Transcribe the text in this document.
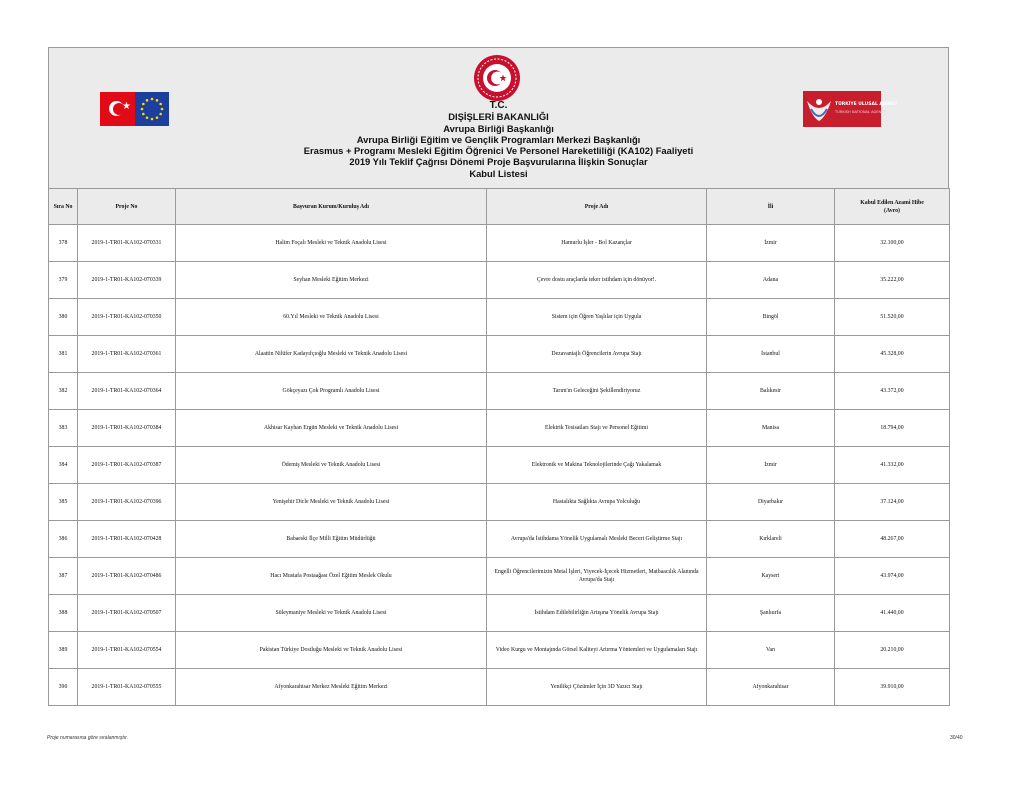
★	TÜRKİYE ULUSAL AJANSI
TURKISH NATIONAL AGENCY
T.C.
DIŞİŞLERİ BAKANLIĞI
Avrupa Birliği Başkanlığı
Avrupa Birliği Eğitim ve Gençlik Programları Merkezi Başkanlığı
Erasmus + Programı Mesleki Eğitim Öğrenici Ve Personel Hareketliliği (KA102) Faaliyeti
2019 Yılı Teklif Çağrısı Dönemi Proje Başvurularına İlişkin Sonuçlar
Kabul Listesi
Sıra No	Proje No	Başvuran Kurum/Kuruluş Adı	Proje Adı	İli	Kabul Edilen Azami Hibe
(Avro)
378	2019-1-TR01-KA102-070331	Halim Foçalı Mesleki ve Teknik Anadolu Lisesi	Hamurlu İşler - Bol Kazançlar	İzmir	32.100,00
379	2019-1-TR01-KA102-070339	Seyhan Mesleki Eğitim Merkezi	Çevre dostu araçlarda teker istihdam için dönüyor!.	Adana	35.222,00
380	2019-1-TR01-KA102-070350	60.Yıl Mesleki ve Teknik Anadolu Lisesi	Sistem için Öğren Yaşlılar için Uygula	Bingöl	51.520,00
381	2019-1-TR01-KA102-070361	Alaattin Nilüfer Kadayıfçıoğlu Mesleki ve Teknik Anadolu Lisesi	Dezavantajlı Öğrencilerin Avrupa Stajı	İstanbul	45.328,00
382	2019-1-TR01-KA102-070364	Gökçeyazı Çok Programlı Anadolu Lisesi	Tarım'ın Geleceğini Şekillendiriyoruz	Balıkesir	43.372,00
383	2019-1-TR01-KA102-070384	Akhisar Kayhan Ergün Mesleki ve Teknik Anadolu Lisesi	Elektrik Tesisatları Stajı ve Personel Eğitimi	Manisa	18.794,00
384	2019-1-TR01-KA102-070387	Ödemiş Mesleki ve Teknik Anadolu Lisesi	Elektronik ve Makina Teknolojilerinde Çağı Yakalamak	İzmir	41.332,00
385	2019-1-TR01-KA102-070396	Yenişehir Dicle Mesleki ve Teknik Anadolu Lisesi	Hastalıkta Sağlıkta Avrupa Yolculuğu	Diyarbakır	37.124,00
386	2019-1-TR01-KA102-070428	Babaeski İlçe Milli Eğitim Müdürlüğü	Avrupa'da İstihdama Yönelik Uygulamalı Mesleki Beceri Geliştirme Stajı	Kırklareli	48.267,00
387	2019-1-TR01-KA102-070486	Hacı Mustafa Postaağası Özel Eğitim Meslek Okulu	Engelli Öğrencilerimizin Metal İşleri, Yiyecek-İçecek Hizmetleri, Matbaacılık Alanında Avrupa'da Stajı	Kayseri	43.974,00
388	2019-1-TR01-KA102-070507	Süleymaniye Mesleki ve Teknik Anadolu Lisesi	İstihdam Edilebilirliğin Artışına Yönelik Avrupa Stajı	Şanlıurfa	41.440,00
389	2019-1-TR01-KA102-070554	Pakistan Türkiye Dostluğu Mesleki ve Teknik Anadolu Lisesi	Video Kurgu ve Montajında Görsel Kaliteyi Artırma Yöntemleri ve Uygulamaları Stajı	Van	20.210,00
390	2019-1-TR01-KA102-070555	Afyonkarahisar Merkez Mesleki Eğitim Merkezi	Yenilikçi Çözümler İçin 3D Yazıcı Stajı	Afyonkarahisar	39.910,00
Proje numarasına göre sıralanmıştır.	30/40
